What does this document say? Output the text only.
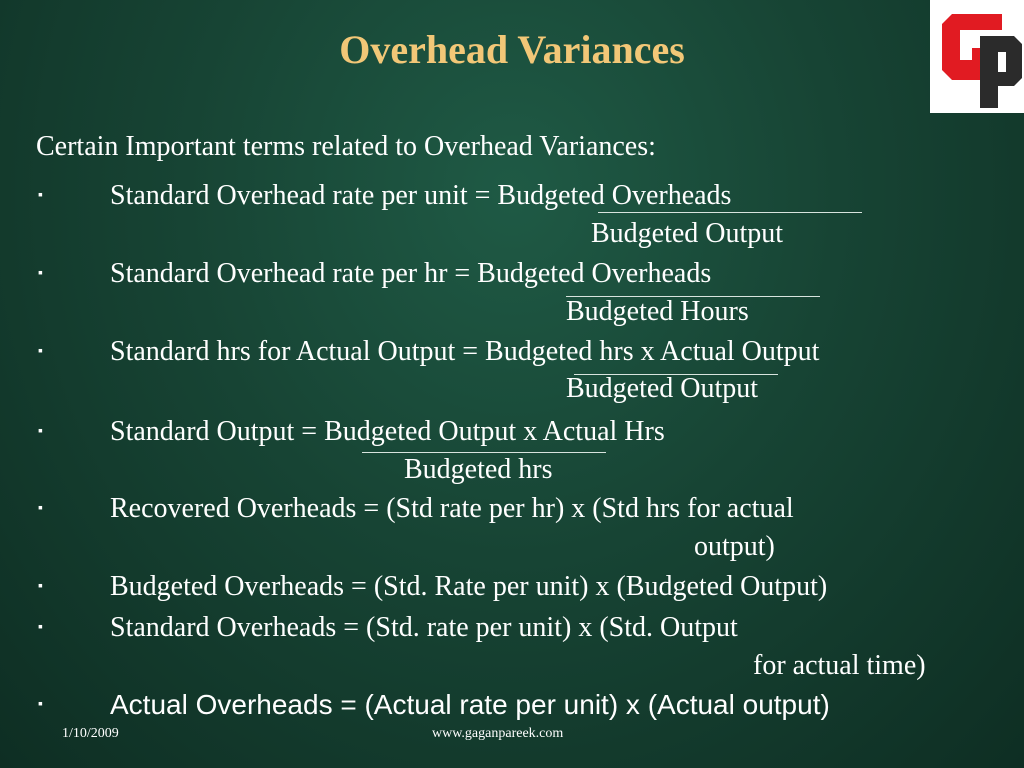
Overhead Variances
Certain Important terms related to Overhead Variances:
▪ Standard Overhead rate per unit = Budgeted Overheads
Budgeted Output
▪ Standard Overhead rate per hr = Budgeted Overheads
Budgeted Hours
▪ Standard hrs for Actual Output = Budgeted hrs x Actual Output
Budgeted Output
▪ Standard Output = Budgeted Output x Actual Hrs
Budgeted hrs
▪ Recovered Overheads = (Std rate per hr) x (Std hrs for actual
output)
▪ Budgeted Overheads = (Std. Rate per unit) x (Budgeted Output)
▪ Standard Overheads = (Std. rate per unit) x (Std. Output
for actual time)
▪ Actual Overheads = (Actual rate per unit) x (Actual output)
1/10/2009	www.gaganpareek.com
